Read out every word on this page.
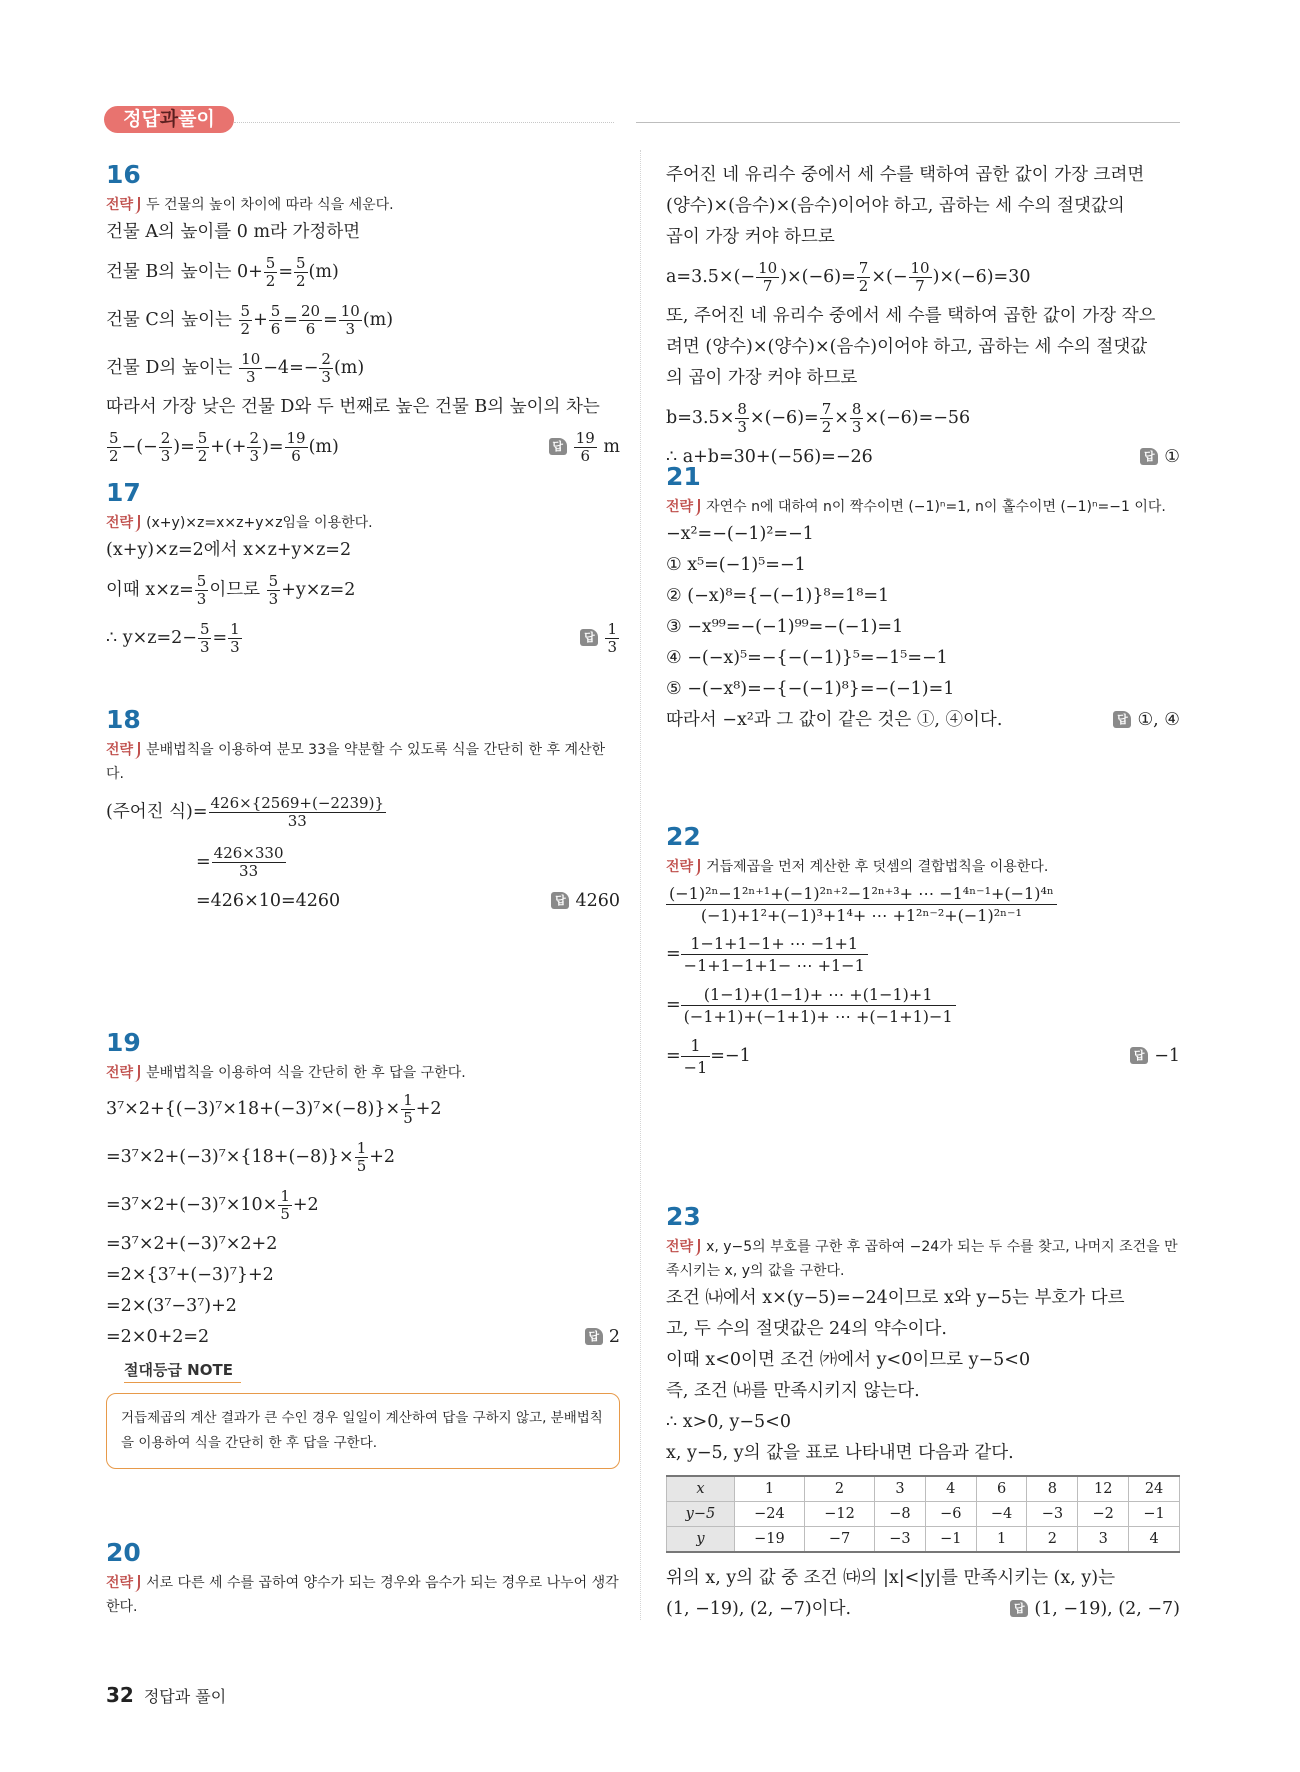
정답과풀이
16
전략 두 건물의 높이 차이에 따라 식을 세운다.
건물 A의 높이를 0 m라 가정하면
건물 B의 높이는 $0+ \frac{5}{2} = \frac{5}{2} (m)$
건물 C의 높이는 $\frac{5}{2} + \frac{5}{6} = \frac{20}{6} = \frac{10}{3} (m)$
건물 D의 높이는 $\frac{10}{3} -4=- \frac{2}{3} (m)$
따라서 가장 낮은 건물 D와 두 번째로 높은 건물 B의 높이의 차는
$\frac{5}{2}$ −(− $\frac{2}{3}$ )= $\frac{5}{2}$ +(+ $\frac{2}{3}$ )= $\frac{19}{6} (m)$	답 $\frac{19}{6}$ m
17
전략 (x+y)×z=x×z+y×z임을 이용한다.
(x+y)×z=2에서 x×z+y×z=2
이때 $x\times z= \frac{5}{3}$ 이므로 $\frac{5}{3} +y\times z=2$
∴ $y\times z=2- \frac{5}{3} = \frac{1}{3}$	답 $\frac{1}{3}$
18
전략 분배법칙을 이용하여 분모 33을 약분할 수 있도록 식을 간단히 한 후 계산한다.
(주어진 식)= $\frac{426\times\{2569+(-2239)\}}{33}$
= $\frac{426\times 330}{33}$
=426×10=4260	답 4260
19
전략 분배법칙을 이용하여 식을 간단히 한 후 답을 구한다.
$3^7\times 2+\{(-3)^7\times 18+(-3)^7\times(-8)\}\times \frac{1}{5} +2$
$=3^7\times 2+(-3)^7\times\{18+(-8)\}\times \frac{1}{5} +2$
$=3^7\times 2+(-3)^7\times 10\times \frac{1}{5} +2$
=3⁷×2+(−3)⁷×2+2
=2×{3⁷+(−3)⁷}+2
=2×(3⁷−3⁷)+2
=2×0+2=2	답 2
절대등급 NOTE
거듭제곱의 계산 결과가 큰 수인 경우 일일이 계산하여 답을 구하지 않고, 분배법칙을 이용하여 식을 간단히 한 후 답을 구한다.
20
전략 서로 다른 세 수를 곱하여 양수가 되는 경우와 음수가 되는 경우로 나누어 생각한다.
주어진 네 유리수 중에서 세 수를 택하여 곱한 값이 가장 크려면
(양수)×(음수)×(음수)이어야 하고, 곱하는 세 수의 절댓값의
곱이 가장 커야 하므로
$a=3.5\times(- \frac{10}{7} )\times(-6)= \frac{7}{2}$ ×(− $\frac{10}{7} )\times(-6)=30$
또, 주어진 네 유리수 중에서 세 수를 택하여 곱한 값이 가장 작으
려면 (양수)×(양수)×(음수)이어야 하고, 곱하는 세 수의 절댓값
의 곱이 가장 커야 하므로
$b=3.5\times \frac{8}{3} \times(-6)= \frac{7}{2} \times \frac{8}{3} \times(-6)=-56$
∴ a+b=30+(−56)=−26	답 ①
21
전략 자연수 n에 대하여 n이 짝수이면 (−1)ⁿ=1, n이 홀수이면 (−1)ⁿ=−1 이다.
−x²=−(−1)²=−1
① x⁵=(−1)⁵=−1
② (−x)⁸={−(−1)}⁸=1⁸=1
③ −x⁹⁹=−(−1)⁹⁹=−(−1)=1
④ −(−x)⁵=−{−(−1)}⁵=−1⁵=−1
⑤ −(−x⁸)=−{−(−1)⁸}=−(−1)=1
따라서 −x²과 그 값이 같은 것은 ①, ④이다.	답 ①, ④
22
전략 거듭제곱을 먼저 계산한 후 덧셈의 결합법칙을 이용한다.
$\frac{\text{(−1)²ⁿ−1²ⁿ⁺¹+(−1)²ⁿ⁺²−1²ⁿ⁺³+ ⋯ −1⁴ⁿ⁻¹+(−1)⁴ⁿ}}{\text{(−1)+1²+(−1)³+1⁴+ ⋯ +1²ⁿ⁻²+(−1)²ⁿ⁻¹}}$
= $\frac{1-1+1-1+ \cdots -1+1}{-1+1-1+1- \cdots +1-1}$
= $\frac{(1-1)+(1-1)+ \cdots +(1-1)+1}{(-1+1)+(-1+1)+ \cdots +(-1+1)-1}$
= $\frac{1}{-1} =-1$	답 −1
23
전략 x, y−5의 부호를 구한 후 곱하여 −24가 되는 두 수를 찾고, 나머지 조건을 만족시키는 x, y의 값을 구한다.
조건 ㈏에서 x×(y−5)=−24이므로 x와 y−5는 부호가 다르
고, 두 수의 절댓값은 24의 약수이다.
이때 x<0이면 조건 ㈎에서 y<0이므로 y−5<0
즉, 조건 ㈏를 만족시키지 않는다.
∴ x>0, y−5<0
x, y−5, y의 값을 표로 나타내면 다음과 같다.
x	1	2	3	4	6	8	12	24
y−5	−24	−12	−8	−6	−4	−3	−2	−1
y	−19	−7	−3	−1	1	2	3	4
위의 x, y의 값 중 조건 ㈐의 |x|<|y|를 만족시키는 (x, y)는
(1, −19), (2, −7)이다.	답 (1, −19), (2, −7)
32 정답과 풀이
